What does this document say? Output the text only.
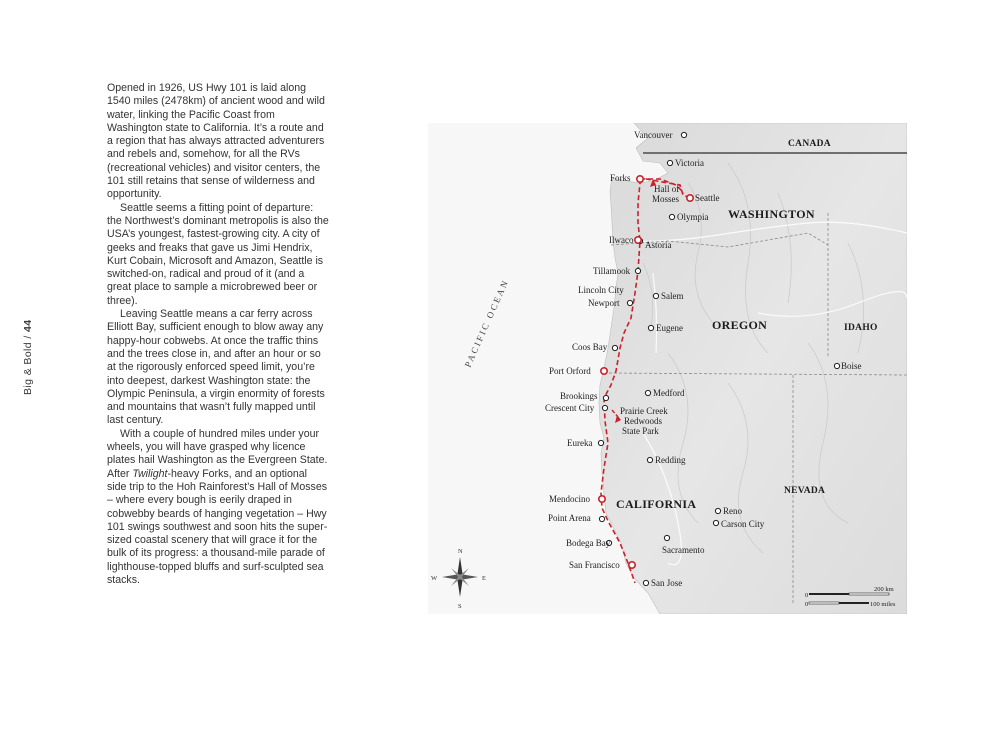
Big & Bold / 44

Opened in 1926, US Hwy 101 is laid along 1540 miles (2478km) of ancient wood and wild water, linking the Pacific Coast from Washington state to California. It’s a route and a region that has always attracted adventurers and rebels and, somehow, for all the RVs (recreational vehicles) and visitor centers, the 101 still retains that sense of wilderness and opportunity.

Seattle seems a fitting point of departure: the Northwest’s dominant metropolis is also the USA’s youngest, fastest-growing city. A city of geeks and freaks that gave us Jimi Hendrix, Kurt Cobain, Microsoft and Amazon, Seattle is switched-on, radical and proud of it (and a great place to sample a microbrewed beer or three).

Leaving Seattle means a car ferry across Elliott Bay, sufficient enough to blow away any happy-hour cobwebs. At once the traffic thins and the trees close in, and after an hour or so at the rigorously enforced speed limit, you’re into deepest, darkest Washington state: the Olympic Peninsula, a virgin enormity of forests and mountains that wasn’t fully mapped until last century.

With a couple of hundred miles under your wheels, you will have grasped why licence plates hail Washington as the Evergreen State. After Twilight-heavy Forks, and an optional side trip to the Hoh Rainforest’s Hall of Mosses – where every bough is eerily draped in cobwebby beards of hanging vegetation – Hwy 101 swings southwest and soon hits the super-sized coastal scenery that will grace it for the bulk of its progress: a thousand-mile parade of lighthouse-topped bluffs and surf-sculpted sea stacks.

CANADA
WASHINGTON
OREGON	IDAHO
NEVADA
CALIFORNIA
PACIFIC OCEAN
Vancouver
Victoria
Forks
Hall of
Mosses Seattle
Olympia
Ilwaco Astoria
Tillamook
Lincoln City
Newport
Salem
Eugene
Coos Bay
Port Orford
Medford
Brookings
Crescent City	Prairie Creek
Redwoods
State Park
Eureka
Redding
Mendocino
Point Arena
Bodega Bay
San Francisco
San Jose
Sacramento
Reno
Carson City
Boise
N
S
E
W
0
200 km
0	100 miles
